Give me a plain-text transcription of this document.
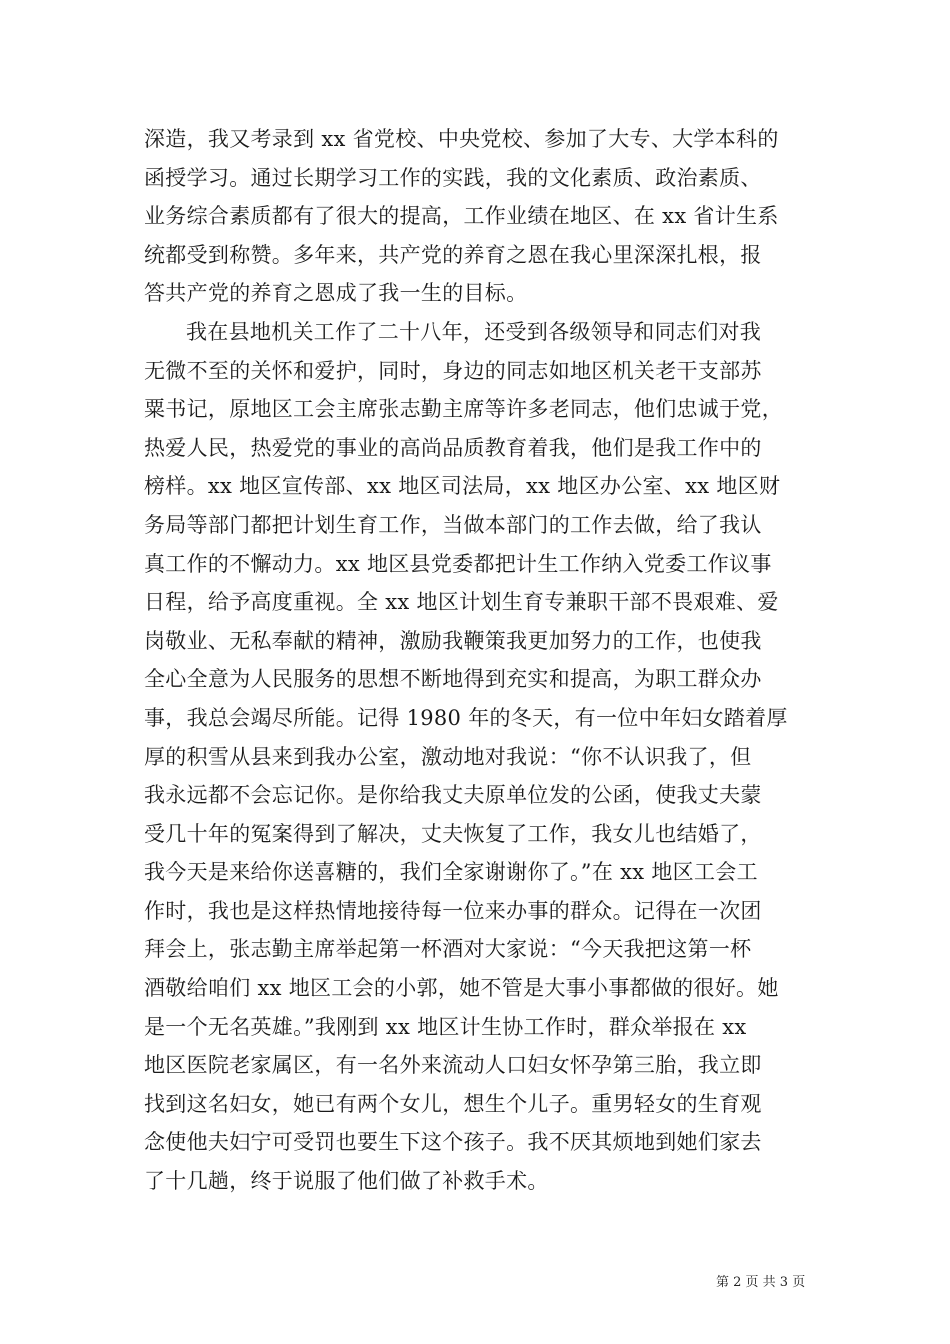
深造，我又考录到 xx 省党校、中央党校、参加了大专、大学本科的
函授学习。通过长期学习工作的实践，我的文化素质、政治素质、
业务综合素质都有了很大的提高，工作业绩在地区、在 xx 省计生系
统都受到称赞。多年来，共产党的养育之恩在我心里深深扎根，报
答共产党的养育之恩成了我一生的目标。
我在县地机关工作了二十八年，还受到各级领导和同志们对我
无微不至的关怀和爱护，同时，身边的同志如地区机关老干支部苏
粟书记，原地区工会主席张志勤主席等许多老同志，他们忠诚于党，
热爱人民，热爱党的事业的高尚品质教育着我，他们是我工作中的
榜样。xx 地区宣传部、xx 地区司法局，xx 地区办公室、xx 地区财
务局等部门都把计划生育工作，当做本部门的工作去做，给了我认
真工作的不懈动力。xx 地区县党委都把计生工作纳入党委工作议事
日程，给予高度重视。全 xx 地区计划生育专兼职干部不畏艰难、爱
岗敬业、无私奉献的精神，激励我鞭策我更加努力的工作，也使我
全心全意为人民服务的思想不断地得到充实和提高，为职工群众办
事，我总会竭尽所能。记得 1980 年的冬天，有一位中年妇女踏着厚
厚的积雪从县来到我办公室，激动地对我说：“你不认识我了，但
我永远都不会忘记你。是你给我丈夫原单位发的公函，使我丈夫蒙
受几十年的冤案得到了解决，丈夫恢复了工作，我女儿也结婚了，
我今天是来给你送喜糖的，我们全家谢谢你了。”在 xx 地区工会工
作时，我也是这样热情地接待每一位来办事的群众。记得在一次团
拜会上，张志勤主席举起第一杯酒对大家说：“今天我把这第一杯
酒敬给咱们 xx 地区工会的小郭，她不管是大事小事都做的很好。她
是一个无名英雄。”我刚到 xx 地区计生协工作时，群众举报在 xx
地区医院老家属区，有一名外来流动人口妇女怀孕第三胎，我立即
找到这名妇女，她已有两个女儿，想生个儿子。重男轻女的生育观
念使他夫妇宁可受罚也要生下这个孩子。我不厌其烦地到她们家去
了十几趟，终于说服了他们做了补救手术。
第 2 页 共 3 页
